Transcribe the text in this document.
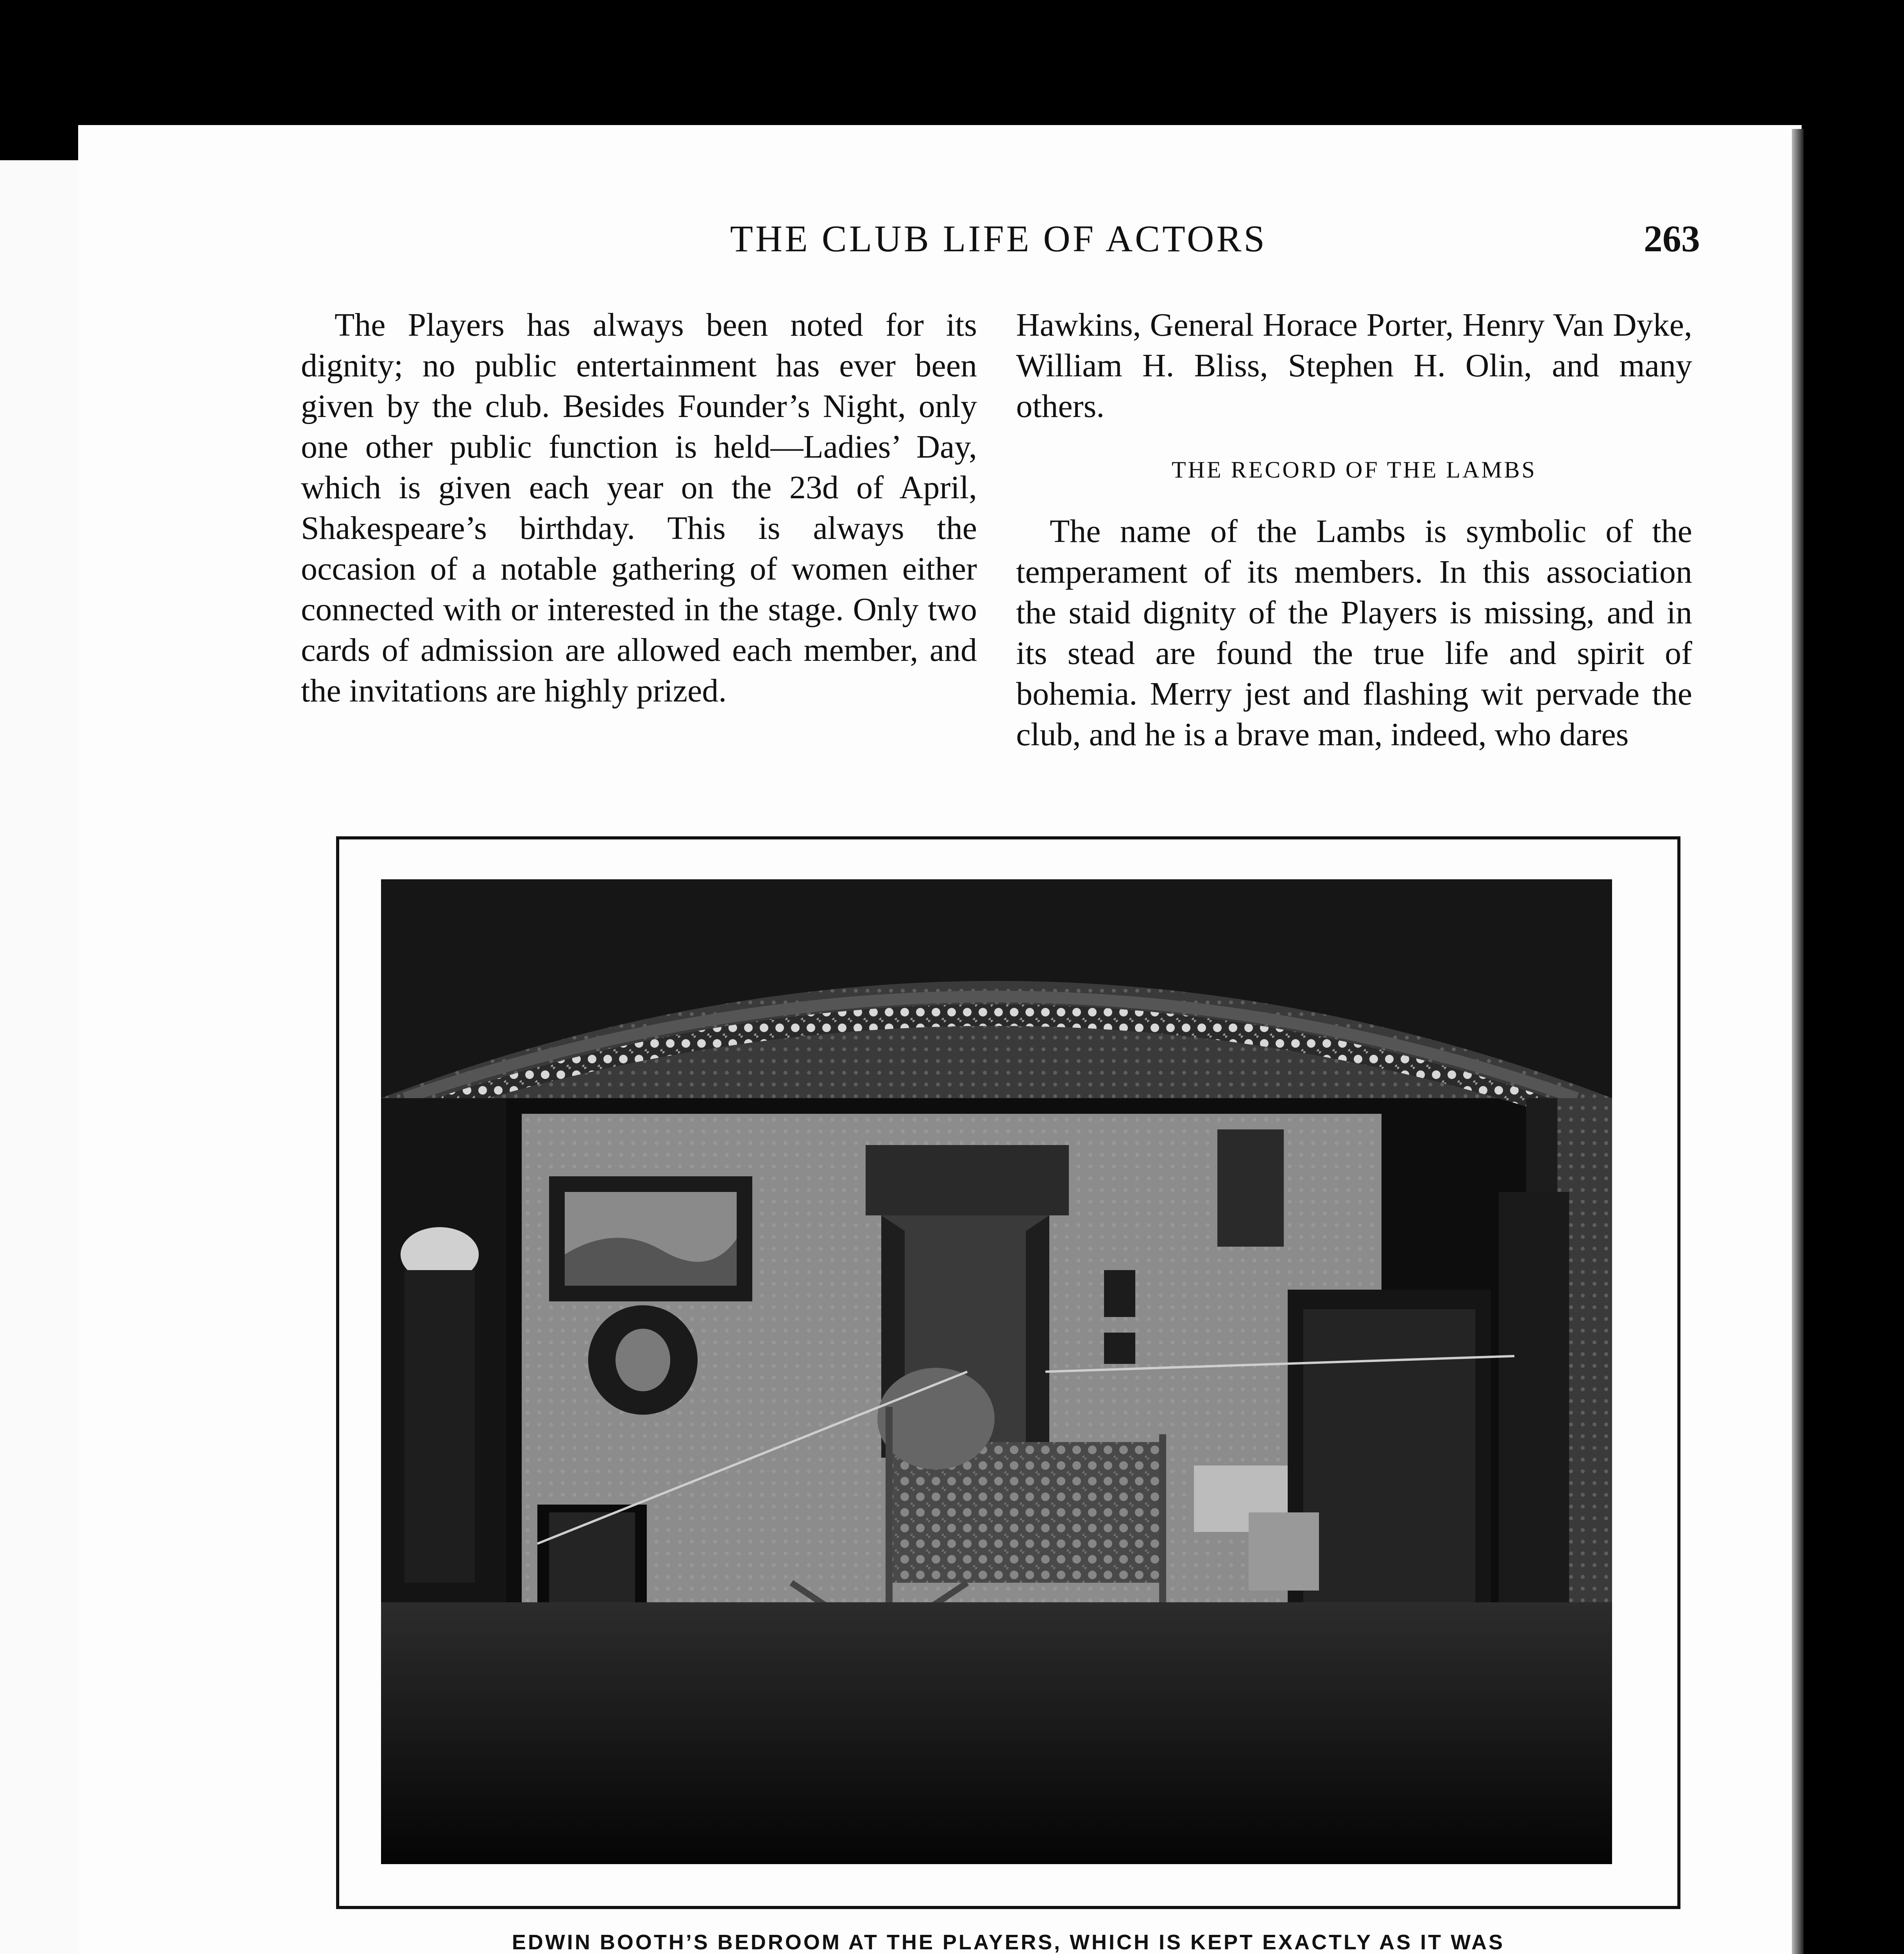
THE CLUB LIFE OF ACTORS	263

The Players has always been noted for its dignity; no public entertainment has ever been given by the club. Besides Founder’s Night, only one other public function is held—Ladies’ Day, which is given each year on the 23d of April, Shakespeare’s birthday. This is always the occasion of a notable gathering of women either connected with or interested in the stage. Only two cards of admission are allowed each member, and the invitations are highly prized.

Hawkins, General Horace Porter, Henry Van Dyke, William H. Bliss, Stephen H. Olin, and many others.

THE RECORD OF THE LAMBS

The name of the Lambs is symbolic of the temperament of its members. In this association the staid dignity of the Players is missing, and in its stead are found the true life and spirit of bohemia. Merry jest and flashing wit pervade the club, and he is a brave man, indeed, who dares

EDWIN BOOTH’S BEDROOM AT THE PLAYERS, WHICH IS KEPT EXACTLY AS IT WAS
